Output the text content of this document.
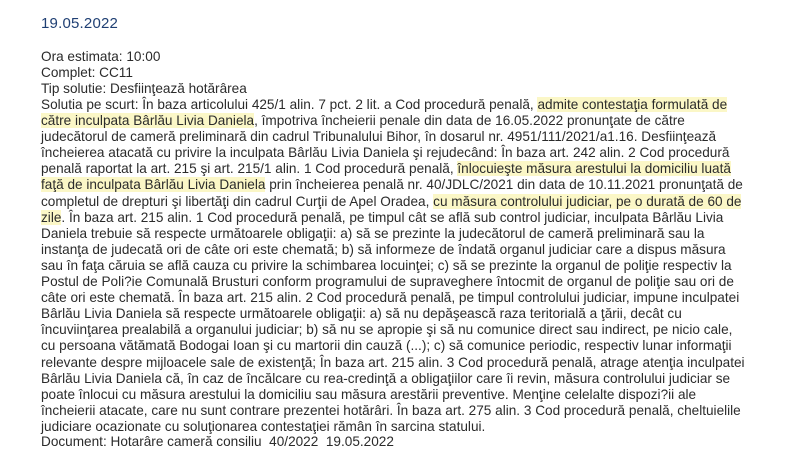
19.05.2022
Ora estimata: 10:00
Complet: CC11
Tip solutie: Desfiinţează hotărârea
Solutia pe scurt: În baza articolului 425/1 alin. 7 pct. 2 lit. a Cod procedură penală, admite contestaţia formulată de
către inculpata Bârlău Livia Daniela, împotriva încheierii penale din data de 16.05.2022 pronunţate de către
judecătorul de cameră preliminară din cadrul Tribunalului Bihor, în dosarul nr. 4951/111/2021/a1.16. Desfiinţează
încheierea atacată cu privire la inculpata Bârlău Livia Daniela şi rejudecând: În baza art. 242 alin. 2 Cod procedură
penală raportat la art. 215 şi art. 215/1 alin. 1 Cod procedură penală, înlocuieşte măsura arestului la domiciliu luată
faţă de inculpata Bârlău Livia Daniela prin încheierea penală nr. 40/JDLC/2021 din data de 10.11.2021 pronunţată de
completul de drepturi şi libertăţi din cadrul Curţii de Apel Oradea, cu măsura controlului judiciar, pe o durată de 60 de
zile. În baza art. 215 alin. 1 Cod procedură penală, pe timpul cât se află sub control judiciar, inculpata Bârlău Livia
Daniela trebuie să respecte următoarele obligaţii: a) să se prezinte la judecătorul de cameră preliminară sau la
instanţa de judecată ori de câte ori este chemată; b) să informeze de îndată organul judiciar care a dispus măsura
sau în faţa căruia se află cauza cu privire la schimbarea locuinţei; c) să se prezinte la organul de poliţie respectiv la
Postul de Poli?ie Comunală Brusturi conform programului de supraveghere întocmit de organul de poliţie sau ori de
câte ori este chemată. În baza art. 215 alin. 2 Cod procedură penală, pe timpul controlului judiciar, impune inculpatei
Bârlău Livia Daniela să respecte următoarele obligaţii: a) să nu depăşească raza teritorială a ţării, decât cu
încuviinţarea prealabilă a organului judiciar; b) să nu se apropie şi să nu comunice direct sau indirect, pe nicio cale,
cu persoana vătămată Bodogai Ioan şi cu martorii din cauză (...); c) să comunice periodic, respectiv lunar informaţii
relevante despre mijloacele sale de existenţă; În baza art. 215 alin. 3 Cod procedură penală, atrage atenţia inculpatei
Bârlău Livia Daniela că, în caz de încălcare cu rea-credinţă a obligaţiilor care îi revin, măsura controlului judiciar se
poate înlocui cu măsura arestului la domiciliu sau măsura arestării preventive. Menţine celelalte dispozi?ii ale
încheierii atacate, care nu sunt contrare prezentei hotărâri. În baza art. 275 alin. 3 Cod procedură penală, cheltuielile
judiciare ocazionate cu soluţionarea contestaţiei rămân în sarcina statului.
Document: Hotarâre cameră consiliu  40/2022  19.05.2022
